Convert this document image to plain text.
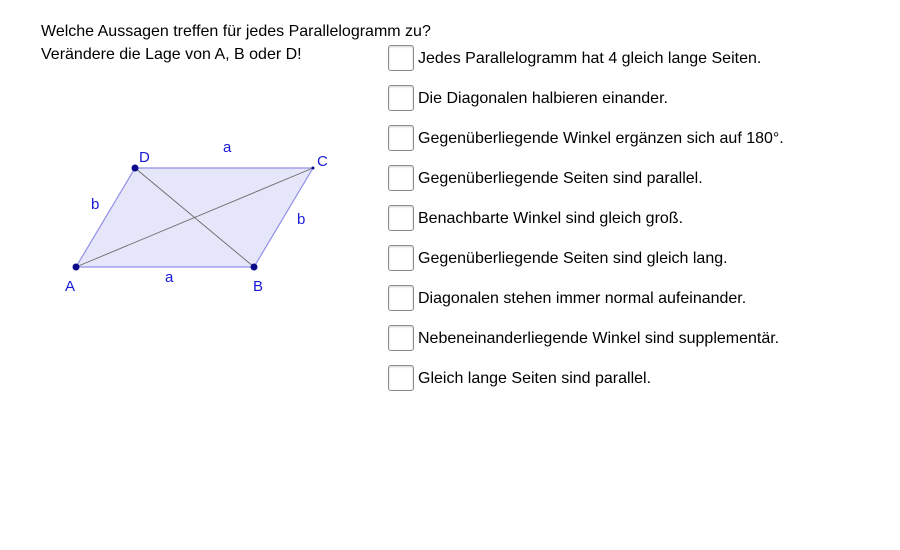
Welche Aussagen treffen für jedes Parallelogramm zu?
Verändere die Lage von A, B oder D!
A	B
C
D
a
a
b
b
Jedes Parallelogramm hat 4 gleich lange Seiten.
Die Diagonalen halbieren einander.
Gegenüberliegende Winkel ergänzen sich auf 180°.
Gegenüberliegende Seiten sind parallel.
Benachbarte Winkel sind gleich groß.
Gegenüberliegende Seiten sind gleich lang.
Diagonalen stehen immer normal aufeinander.
Nebeneinanderliegende Winkel sind supplementär.
Gleich lange Seiten sind parallel.
